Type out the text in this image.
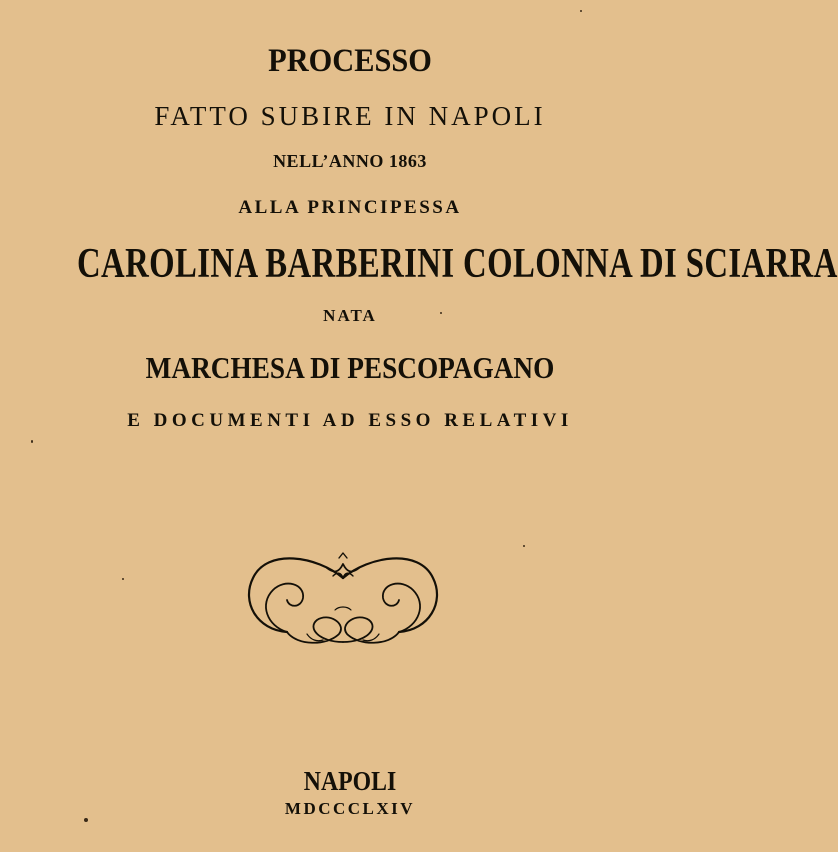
PROCESSO
FATTO SUBIRE IN NAPOLI
NELL’ANNO 1863
ALLA PRINCIPESSA
CAROLINA BARBERINI COLONNA DI SCIARRA
NATA
MARCHESA DI PESCOPAGANO
E DOCUMENTI AD ESSO RELATIVI
NAPOLI
MDCCCLXIV
